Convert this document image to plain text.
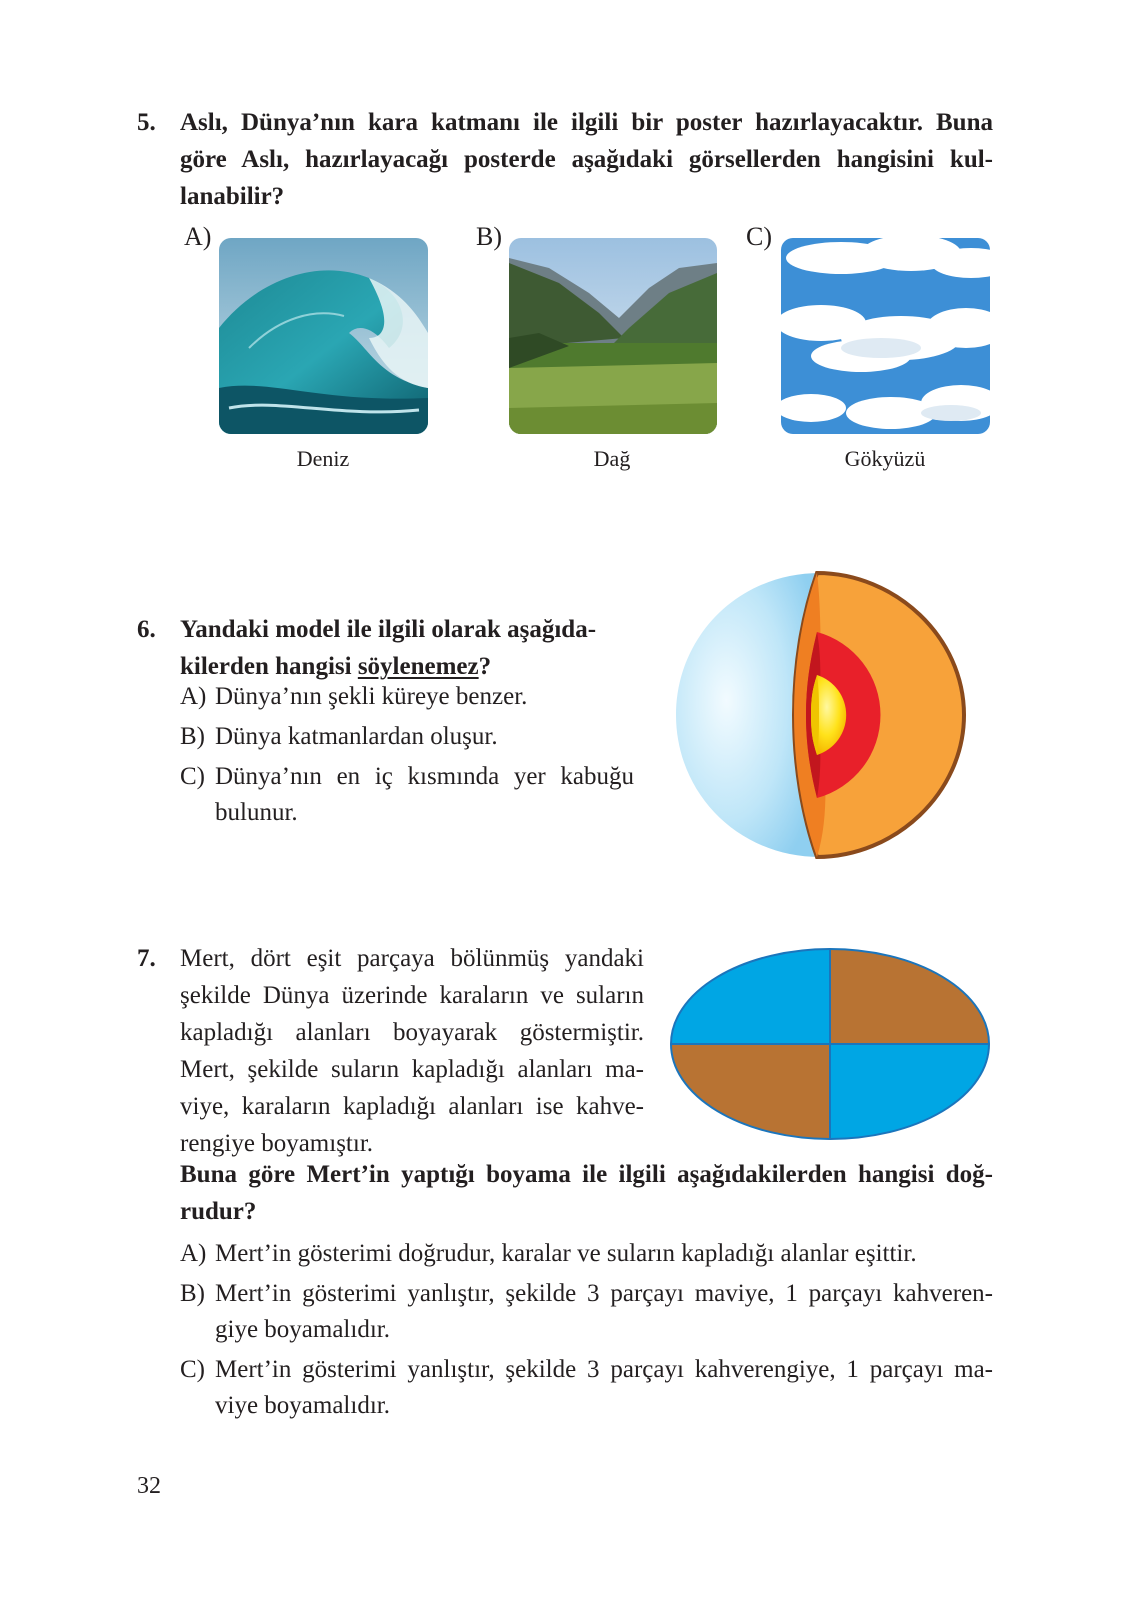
5. Aslı, Dünya’nın kara katmanı ile ilgili bir poster hazırlayacaktır. Buna
göre Aslı, hazırlayacağı posterde aşağıdaki görsellerden hangisini kul-
lanabilir?
A)
Deniz
B)
Dağ
C)
Gökyüzü
6. Yandaki model ile ilgili olarak aşağıda-
kilerden hangisi söylenemez?
A) Dünya’nın şekli küreye benzer.
B) Dünya katmanlardan oluşur.
C) Dünya’nın en iç kısmında yer kabuğu
bulunur.
7. Mert, dört eşit parçaya bölünmüş yandaki
şekilde Dünya üzerinde karaların ve suların
kapladığı alanları boyayarak göstermiştir.
Mert, şekilde suların kapladığı alanları ma-
viye, karaların kapladığı alanları ise kahve-
rengiye boyamıştır.
Buna göre Mert’in yaptığı boyama ile ilgili aşağıdakilerden hangisi doğ-
rudur?
A) Mert’in gösterimi doğrudur, karalar ve suların kapladığı alanlar eşittir.
B) Mert’in gösterimi yanlıştır, şekilde 3 parçayı maviye, 1 parçayı kahveren-
giye boyamalıdır.
C) Mert’in gösterimi yanlıştır, şekilde 3 parçayı kahverengiye, 1 parçayı ma-
viye boyamalıdır.
32
